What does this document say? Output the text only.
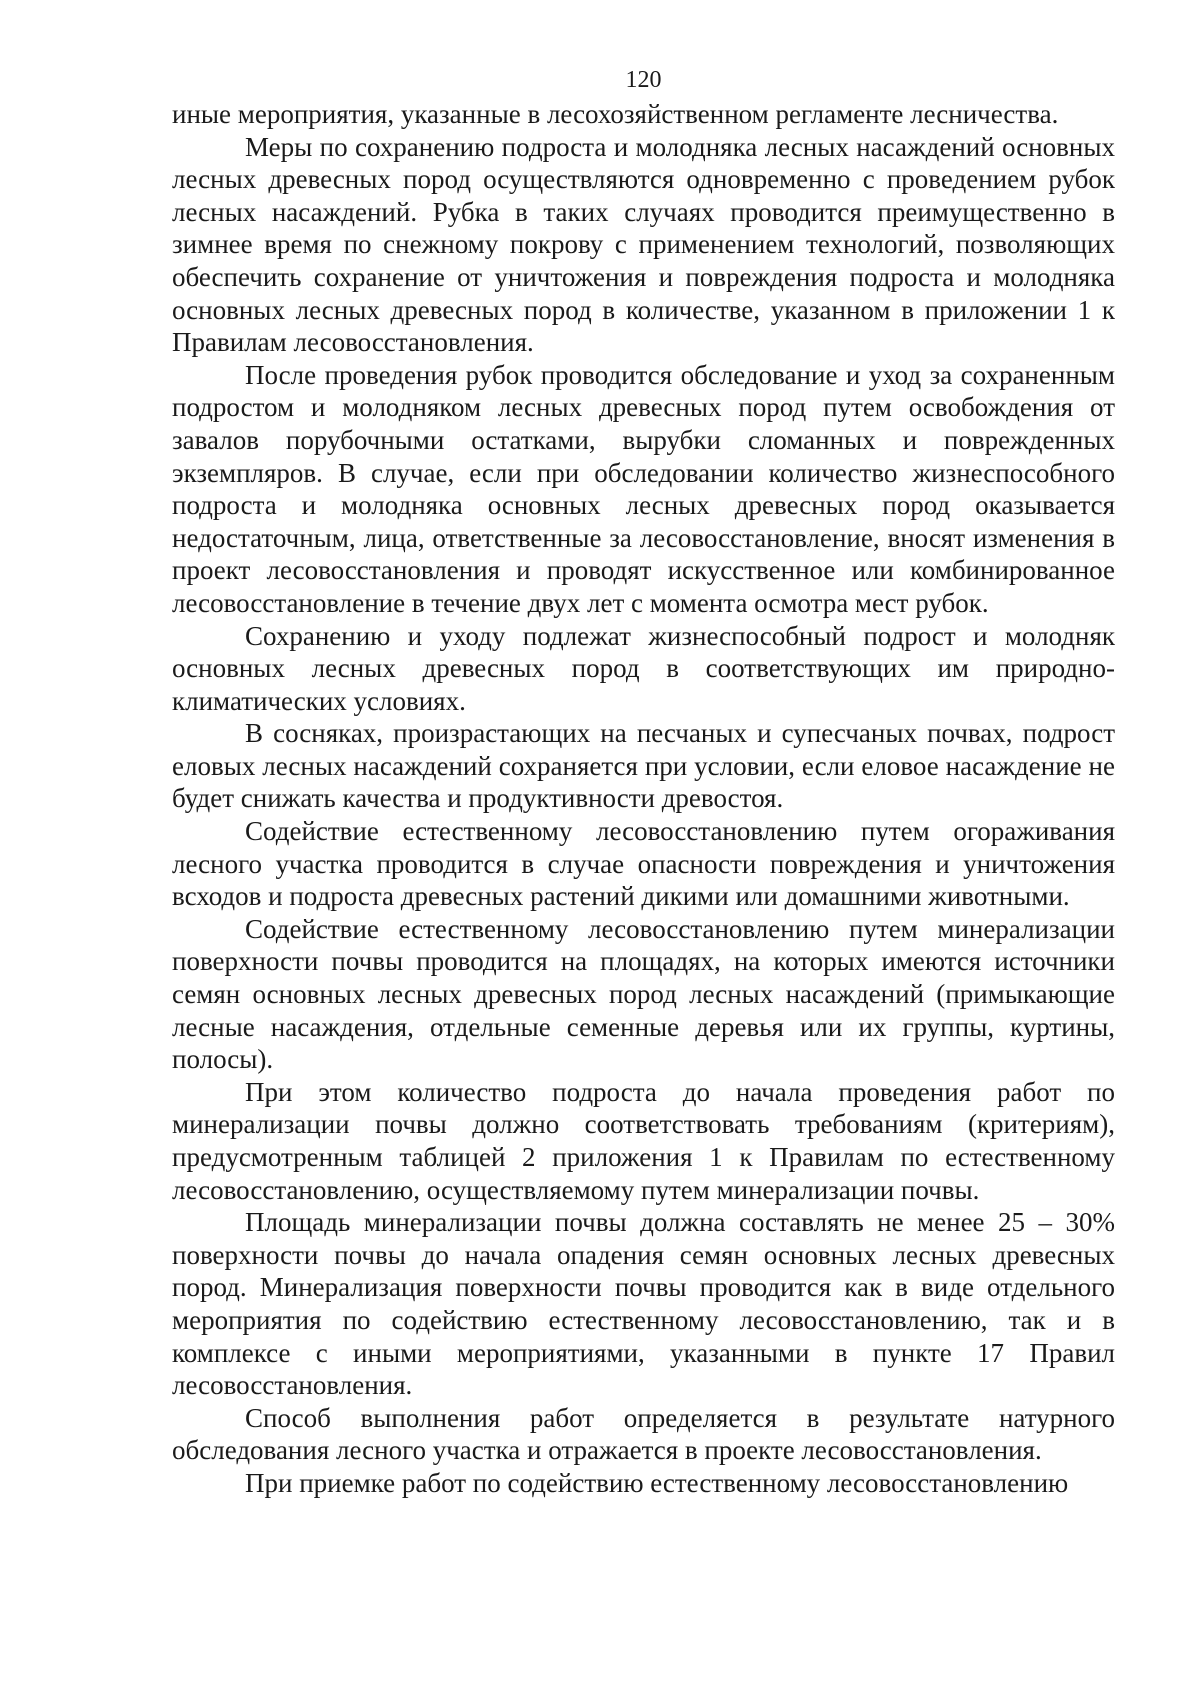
120

иные мероприятия, указанные в лесохозяйственном регламенте лесничества.

Меры по сохранению подроста и молодняка лесных насаждений основных лесных древесных пород осуществляются одновременно с проведением рубок лесных насаждений. Рубка в таких случаях проводится преимущественно в зимнее время по снежному покрову с применением технологий, позволяющих обеспечить сохранение от уничтожения и повреждения подроста и молодняка основных лесных древесных пород в количестве, указанном в приложении 1 к Правилам лесовосстановления.

После проведения рубок проводится обследование и уход за сохраненным подростом и молодняком лесных древесных пород путем освобождения от завалов порубочными остатками, вырубки сломанных и поврежденных экземпляров. В случае, если при обследовании количество жизнеспособного подроста и молодняка основных лесных древесных пород оказывается недостаточным, лица, ответственные за лесовосстановление, вносят изменения в проект лесовосстановления и проводят искусственное или комбинированное лесовосстановление в течение двух лет с момента осмотра мест рубок.

Сохранению и уходу подлежат жизнеспособный подрост и молодняк основных лесных древесных пород в соответствующих им природно-климатических условиях.

В сосняках, произрастающих на песчаных и супесчаных почвах, подрост еловых лесных насаждений сохраняется при условии, если еловое насаждение не будет снижать качества и продуктивности древостоя.

Содействие естественному лесовосстановлению путем огораживания лесного участка проводится в случае опасности повреждения и уничтожения всходов и подроста древесных растений дикими или домашними животными.

Содействие естественному лесовосстановлению путем минерализации поверхности почвы проводится на площадях, на которых имеются источники семян основных лесных древесных пород лесных насаждений (примыкающие лесные насаждения, отдельные семенные деревья или их группы, куртины, полосы).

При этом количество подроста до начала проведения работ по минерализации почвы должно соответствовать требованиям (критериям), предусмотренным таблицей 2 приложения 1 к Правилам по естественному лесовосстановлению, осуществляемому путем минерализации почвы.

Площадь минерализации почвы должна составлять не менее 25 – 30% поверхности почвы до начала опадения семян основных лесных древесных пород. Минерализация поверхности почвы проводится как в виде отдельного мероприятия по содействию естественному лесовосстановлению, так и в комплексе с иными мероприятиями, указанными в пункте 17 Правил лесовосстановления.

Способ выполнения работ определяется в результате натурного обследования лесного участка и отражается в проекте лесовосстановления.

При приемке работ по содействию естественному лесовосстановлению
